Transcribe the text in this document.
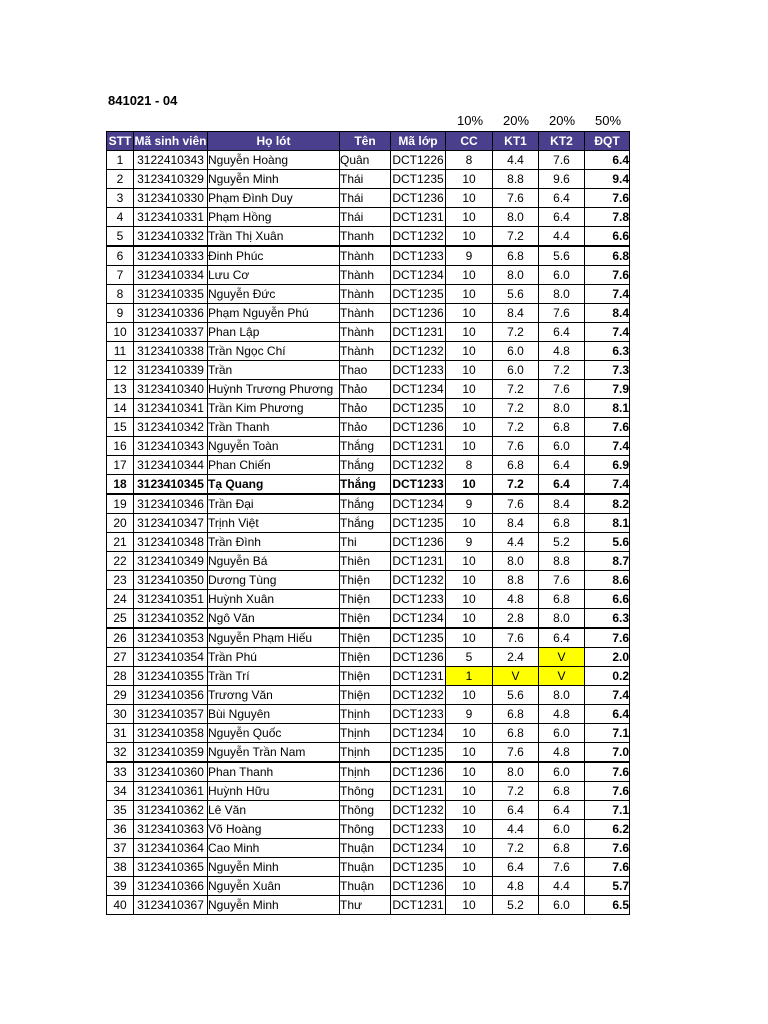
841021 - 04
10%	20%	20%	50%
STT	Mã sinh viên	Họ lót	Tên	Mã lớp	CC	KT1	KT2	ĐQT
1	3122410343	Nguyễn Hoàng	Quân	DCT1226	8	4.4	7.6	6.4
2	3123410329	Nguyễn Minh	Thái	DCT1235	10	8.8	9.6	9.4
3	3123410330	Phạm Đình Duy	Thái	DCT1236	10	7.6	6.4	7.6
4	3123410331	Phạm Hồng	Thái	DCT1231	10	8.0	6.4	7.8
5	3123410332	Trần Thị Xuân	Thanh	DCT1232	10	7.2	4.4	6.6
6	3123410333	Đinh Phúc	Thành	DCT1233	9	6.8	5.6	6.8
7	3123410334	Lưu Cơ	Thành	DCT1234	10	8.0	6.0	7.6
8	3123410335	Nguyễn Đức	Thành	DCT1235	10	5.6	8.0	7.4
9	3123410336	Phạm Nguyễn Phú	Thành	DCT1236	10	8.4	7.6	8.4
10	3123410337	Phan Lập	Thành	DCT1231	10	7.2	6.4	7.4
11	3123410338	Trần Ngọc Chí	Thành	DCT1232	10	6.0	4.8	6.3
12	3123410339	Trần	Thao	DCT1233	10	6.0	7.2	7.3
13	3123410340	Huỳnh Trương Phương	Thảo	DCT1234	10	7.2	7.6	7.9
14	3123410341	Trần Kim Phương	Thảo	DCT1235	10	7.2	8.0	8.1
15	3123410342	Trần Thanh	Thảo	DCT1236	10	7.2	6.8	7.6
16	3123410343	Nguyễn Toàn	Thắng	DCT1231	10	7.6	6.0	7.4
17	3123410344	Phan Chiến	Thắng	DCT1232	8	6.8	6.4	6.9
18	3123410345	Tạ Quang	Thắng	DCT1233	10	7.2	6.4	7.4
19	3123410346	Trần Đại	Thắng	DCT1234	9	7.6	8.4	8.2
20	3123410347	Trịnh Việt	Thắng	DCT1235	10	8.4	6.8	8.1
21	3123410348	Trần Đình	Thi	DCT1236	9	4.4	5.2	5.6
22	3123410349	Nguyễn Bá	Thiên	DCT1231	10	8.0	8.8	8.7
23	3123410350	Dương Tùng	Thiện	DCT1232	10	8.8	7.6	8.6
24	3123410351	Huỳnh Xuân	Thiện	DCT1233	10	4.8	6.8	6.6
25	3123410352	Ngô Văn	Thiện	DCT1234	10	2.8	8.0	6.3
26	3123410353	Nguyễn Phạm Hiếu	Thiện	DCT1235	10	7.6	6.4	7.6
27	3123410354	Trần Phú	Thiện	DCT1236	5	2.4	V	2.0
28	3123410355	Trần Trí	Thiện	DCT1231	1	V	V	0.2
29	3123410356	Trương Văn	Thiện	DCT1232	10	5.6	8.0	7.4
30	3123410357	Bùi Nguyên	Thịnh	DCT1233	9	6.8	4.8	6.4
31	3123410358	Nguyễn Quốc	Thịnh	DCT1234	10	6.8	6.0	7.1
32	3123410359	Nguyễn Trần Nam	Thịnh	DCT1235	10	7.6	4.8	7.0
33	3123410360	Phan Thanh	Thịnh	DCT1236	10	8.0	6.0	7.6
34	3123410361	Huỳnh Hữu	Thông	DCT1231	10	7.2	6.8	7.6
35	3123410362	Lê Văn	Thông	DCT1232	10	6.4	6.4	7.1
36	3123410363	Võ Hoàng	Thông	DCT1233	10	4.4	6.0	6.2
37	3123410364	Cao Minh	Thuận	DCT1234	10	7.2	6.8	7.6
38	3123410365	Nguyễn Minh	Thuận	DCT1235	10	6.4	7.6	7.6
39	3123410366	Nguyễn Xuân	Thuận	DCT1236	10	4.8	4.4	5.7
40	3123410367	Nguyễn Minh	Thư	DCT1231	10	5.2	6.0	6.5
